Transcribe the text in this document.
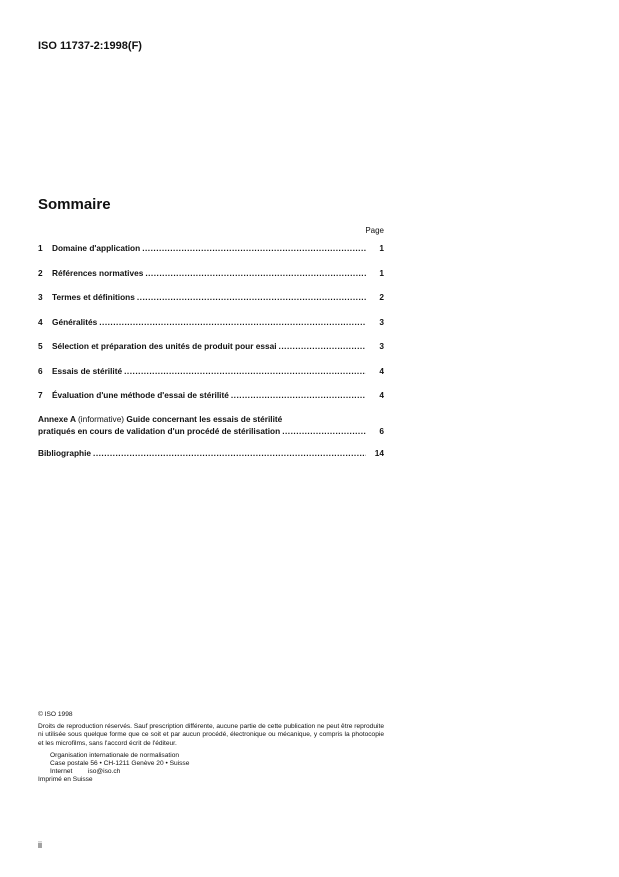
ISO 11737-2:1998(F)
Sommaire
Page
1	Domaine d'application .....	1
2	Références normatives .....	1
3	Termes et définitions .....	2
4	Généralités .....	3
5	Sélection et préparation des unités de produit pour essai .....	3
6	Essais de stérilité .....	4
7	Évaluation d'une méthode d'essai de stérilité .....	4
Annexe A (informative) Guide concernant les essais de stérilité
pratiqués en cours de validation d'un procédé de stérilisation .....	6
Bibliographie .....	14
© ISO 1998
Droits de reproduction réservés. Sauf prescription différente, aucune partie de cette publication ne peut être reproduite ni utilisée sous quelque forme que ce soit et par aucun procédé, électronique ou mécanique, y compris la photocopie et les microfilms, sans l'accord écrit de l'éditeur.
Organisation internationale de normalisation
Case postale 56 • CH-1211 Genève 20 • Suisse
Internet iso@iso.ch
Imprimé en Suisse
ii
